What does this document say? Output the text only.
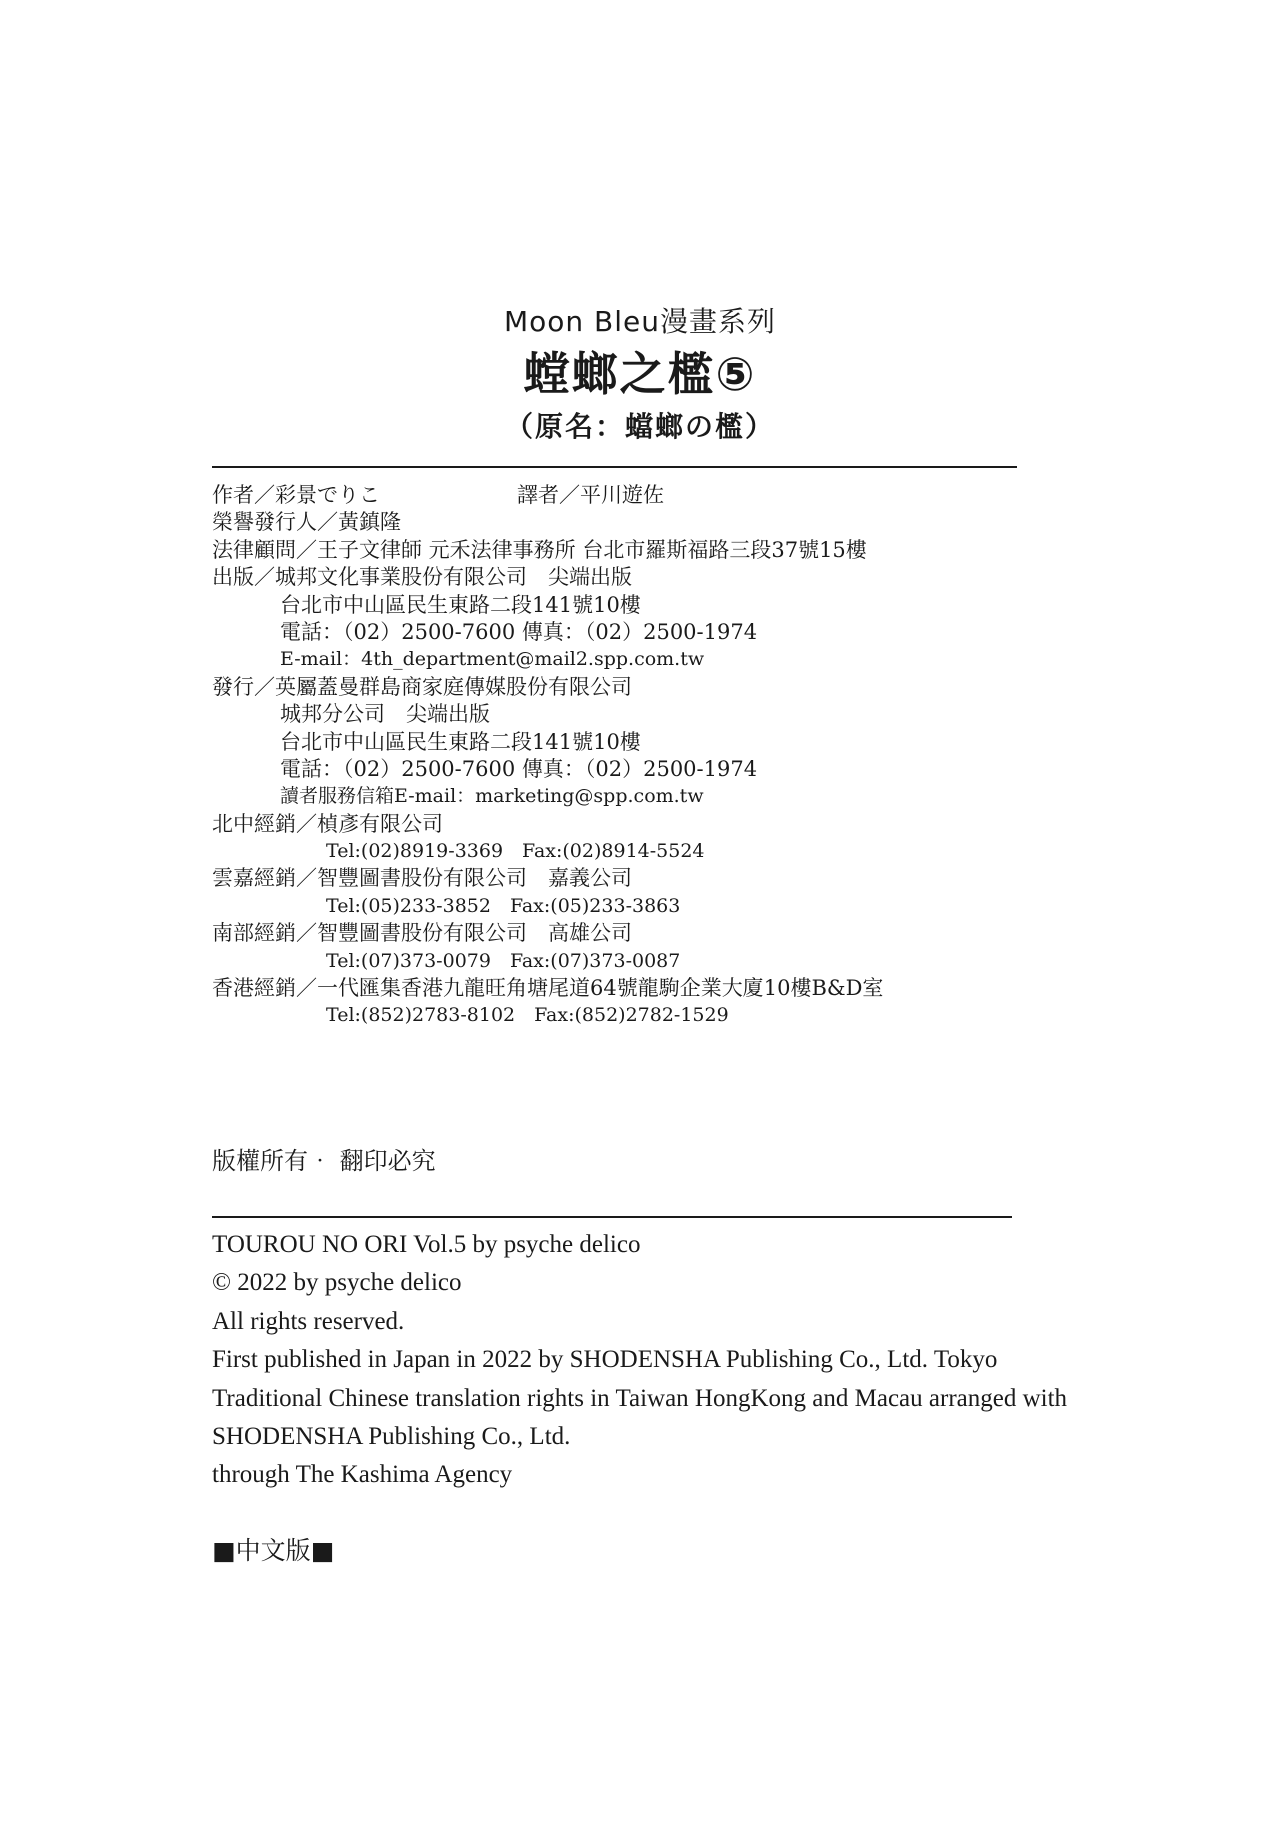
Moon Bleu漫畫系列
螳螂之檻⑤
（原名：蟷螂の檻）
作者／彩景でりこ	譯者／平川遊佐
榮譽發行人／黃鎮隆
法律顧問／王子文律師 元禾法律事務所 台北市羅斯福路三段37號15樓
出版／城邦文化事業股份有限公司　尖端出版
台北市中山區民生東路二段141號10樓
電話：（02）2500-7600 傳真：（02）2500-1974
E-mail：4th_department@mail2.spp.com.tw
發行／英屬蓋曼群島商家庭傳媒股份有限公司
城邦分公司　尖端出版
台北市中山區民生東路二段141號10樓
電話：（02）2500-7600 傳真：（02）2500-1974
讀者服務信箱E-mail：marketing@spp.com.tw
北中經銷／楨彥有限公司
Tel:(02)8919-3369　Fax:(02)8914-5524
雲嘉經銷／智豐圖書股份有限公司　嘉義公司
Tel:(05)233-3852　Fax:(05)233-3863
南部經銷／智豐圖書股份有限公司　高雄公司
Tel:(07)373-0079　Fax:(07)373-0087
香港經銷／一代匯集香港九龍旺角塘尾道64號龍駒企業大廈10樓B&D室
Tel:(852)2783-8102　Fax:(852)2782-1529
版權所有‧ 翻印必究
TOUROU NO ORI Vol.5 by psyche delico
© 2022 by psyche delico
All rights reserved.
First published in Japan in 2022 by SHODENSHA Publishing Co., Ltd. Tokyo
Traditional Chinese translation rights in Taiwan HongKong and Macau arranged with
SHODENSHA Publishing Co., Ltd.
through The Kashima Agency
■中文版■
